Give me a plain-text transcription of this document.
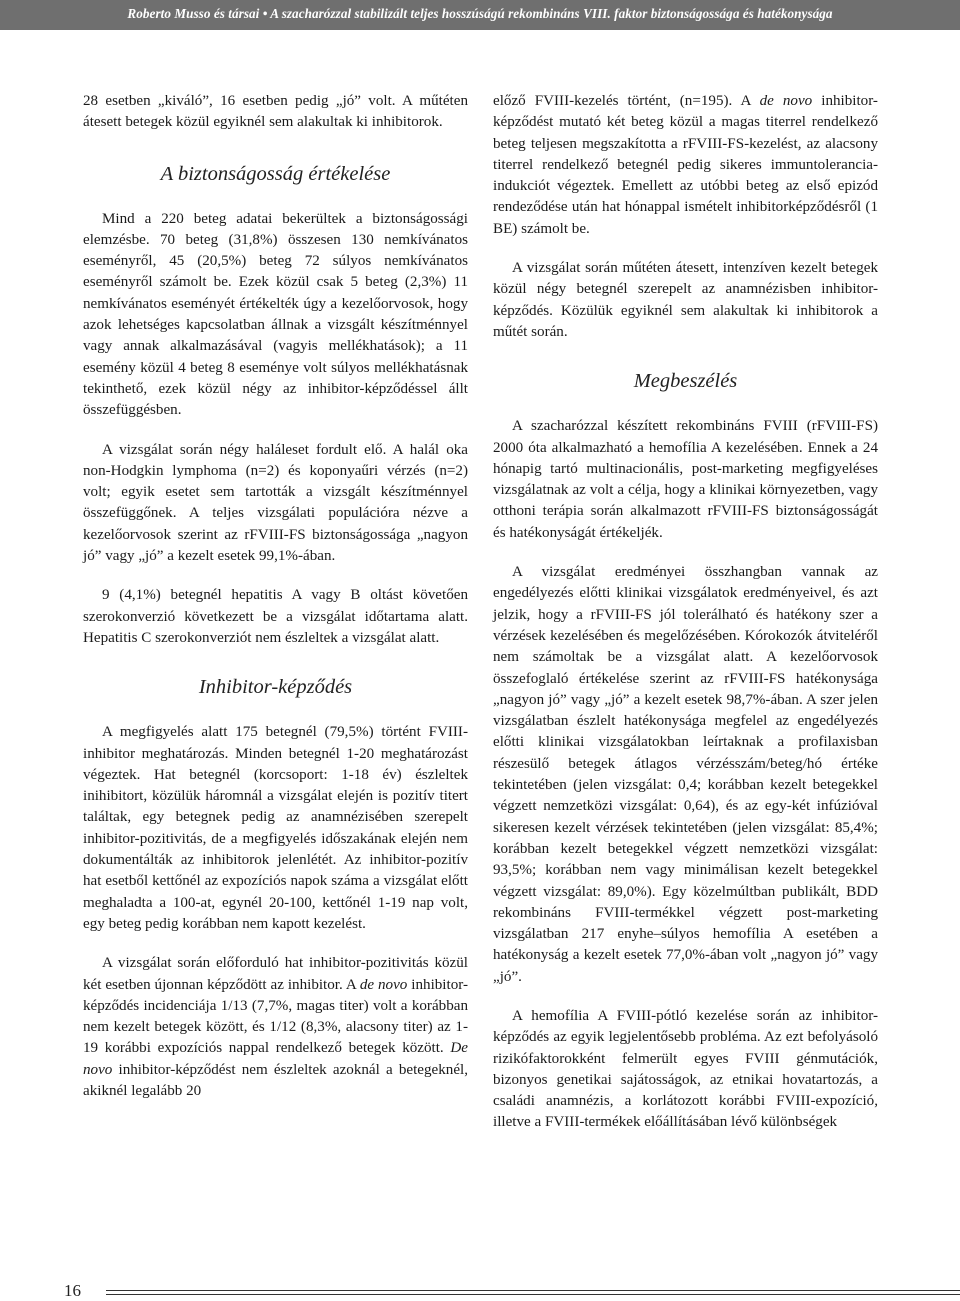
Roberto Musso és társai • A szacharózzal stabilizált teljes hosszúságú rekombináns VIII. faktor biztonságossága és hatékonysága

28 esetben „kiváló”, 16 esetben pedig „jó” volt. A műtéten átesett betegek közül egyiknél sem alakultak ki inhibitorok.

A biztonságosság értékelése

Mind a 220 beteg adatai bekerültek a biztonságossági elemzésbe. 70 beteg (31,8%) összesen 130 nemkívánatos eseményről, 45 (20,5%) beteg 72 súlyos nemkívánatos eseményről számolt be. Ezek közül csak 5 beteg (2,3%) 11 nemkívánatos eseményét értékelték úgy a kezelőorvosok, hogy azok lehetséges kapcsolatban állnak a vizsgált készítménnyel vagy annak alkalmazásával (vagyis mellékhatások); a 11 esemény közül 4 beteg 8 eseménye volt súlyos mellékhatásnak tekinthető, ezek közül négy az inhibitor-képződéssel állt összefüggésben.

A vizsgálat során négy haláleset fordult elő. A halál oka non-Hodgkin lymphoma (n=2) és koponyaűri vérzés (n=2) volt; egyik esetet sem tartották a vizsgált készítménnyel összefüggőnek. A teljes vizsgálati populációra nézve a kezelőorvosok szerint az rFVIII-FS biztonságossága „nagyon jó” vagy „jó” a kezelt esetek 99,1%-ában.

9 (4,1%) betegnél hepatitis A vagy B oltást követően szerokonverzió következett be a vizsgálat időtartama alatt. Hepatitis C szerokonverziót nem észleltek a vizsgálat alatt.

Inhibitor-képződés

A megfigyelés alatt 175 betegnél (79,5%) történt FVIII-inhibitor meghatározás. Minden betegnél 1-20 meghatározást végeztek. Hat betegnél (korcsoport: 1-18 év) észleltek inihibitort, közülük háromnál a vizsgálat elején is pozitív titert találtak, egy betegnek pedig az anamnézisében szerepelt inhibitor-pozitivitás, de a megfigyelés időszakának elején nem dokumentálták az inhibitorok jelenlétét. Az inhibitor-pozitív hat esetből kettőnél az expozíciós napok száma a vizsgálat előtt meghaladta a 100-at, egynél 20-100, kettőnél 1-19 nap volt, egy beteg pedig korábban nem kapott kezelést.

A vizsgálat során előforduló hat inhibitor-pozitivitás közül két esetben újonnan képződött az inhibitor. A de novo inhibitor-képződés incidenciája 1/13 (7,7%, magas titer) volt a korábban nem kezelt betegek között, és 1/12 (8,3%, alacsony titer) az 1-19 korábbi expozíciós nappal rendelkező betegek között. De novo inhibitor-képződést nem észleltek azoknál a betegeknél, akiknél legalább 20

előző FVIII-kezelés történt, (n=195). A de novo inhibitor-képződést mutató két beteg közül a magas titerrel rendelkező beteg teljesen megszakította a rFVIII-FS-kezelést, az alacsony titerrel rendelkező betegnél pedig sikeres immuntolerancia-indukciót végeztek. Emellett az utóbbi beteg az első epizód rendeződése után hat hónappal ismételt inhibitorképződésről (1 BE) számolt be.

A vizsgálat során műtéten átesett, intenzíven kezelt betegek közül négy betegnél szerepelt az anamnézisben inhibitor-képződés. Közülük egyiknél sem alakultak ki inhibitorok a műtét során.

Megbeszélés

A szacharózzal készített rekombináns FVIII (rFVIII-FS) 2000 óta alkalmazható a hemofília A kezelésében. Ennek a 24 hónapig tartó multinacionális, post-marketing megfigyeléses vizsgálatnak az volt a célja, hogy a klinikai környezetben, vagy otthoni terápia során alkalmazott rFVIII-FS biztonságosságát és hatékonyságát értékeljék.

A vizsgálat eredményei összhangban vannak az engedélyezés előtti klinikai vizsgálatok eredményeivel, és azt jelzik, hogy a rFVIII-FS jól tolerálható és hatékony szer a vérzések kezelésében és megelőzésében. Kórokozók átviteléről nem számoltak be a vizsgálat alatt. A kezelőorvosok összefoglaló értékelése szerint az rFVIII-FS hatékonysága „nagyon jó” vagy „jó” a kezelt esetek 98,7%-ában. A szer jelen vizsgálatban észlelt hatékonysága megfelel az engedélyezés előtti klinikai vizsgálatokban leírtaknak a profilaxisban részesülő betegek átlagos vérzésszám/beteg/hó értéke tekintetében (jelen vizsgálat: 0,4; korábban kezelt betegekkel végzett nemzetközi vizsgálat: 0,64), és az egy-két infúzióval sikeresen kezelt vérzések tekintetében (jelen vizsgálat: 85,4%; korábban kezelt betegekkel végzett nemzetközi vizsgálat: 93,5%; korábban nem vagy minimálisan kezelt betegekkel végzett vizsgálat: 89,0%). Egy közelmúltban publikált, BDD rekombináns FVIII-termékkel végzett post-marketing vizsgálatban 217 enyhe–súlyos hemofília A esetében a hatékonyság a kezelt esetek 77,0%-ában volt „nagyon jó” vagy „jó”.

A hemofília A FVIII-pótló kezelése során az inhibitor-képződés az egyik legjelentősebb probléma. Az ezt befolyásoló rizikófaktorokként felmerült egyes FVIII génmutációk, bizonyos genetikai sajátosságok, az etnikai hovatartozás, a családi anamnézis, a korlátozott korábbi FVIII-expozíció, illetve a FVIII-termékek előállításában lévő különbségek

16
